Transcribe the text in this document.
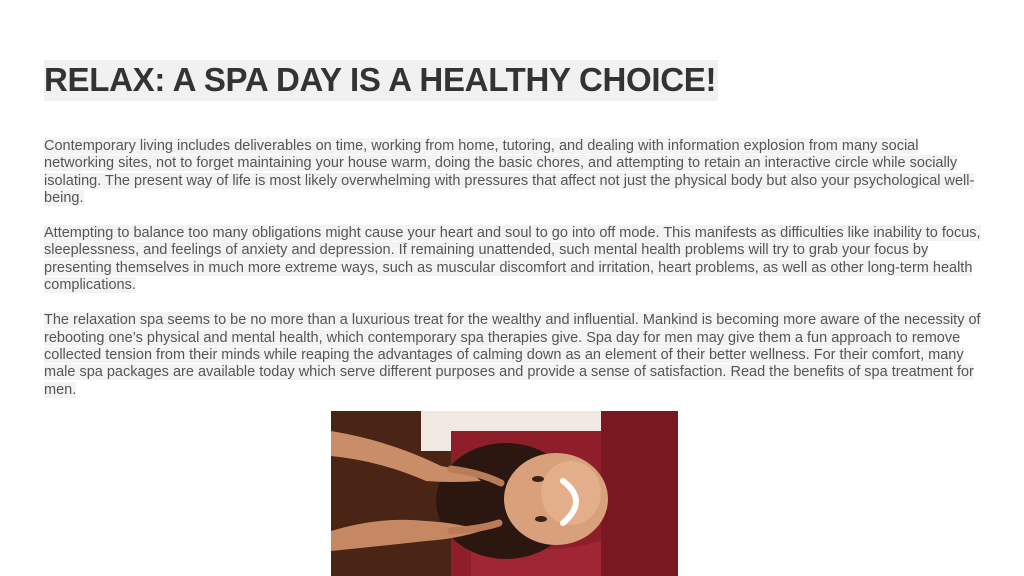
RELAX: A SPA DAY IS A HEALTHY CHOICE!

Contemporary living includes deliverables on time, working from home, tutoring, and dealing with information explosion from many social networking sites, not to forget maintaining your house warm, doing the basic chores, and attempting to retain an interactive circle while socially isolating. The present way of life is most likely overwhelming with pressures that affect not just the physical body but also your psychological well-being.

Attempting to balance too many obligations might cause your heart and soul to go into off mode. This manifests as difficulties like inability to focus, sleeplessness, and feelings of anxiety and depression. If remaining unattended, such mental health problems will try to grab your focus by presenting themselves in much more extreme ways, such as muscular discomfort and irritation, heart problems, as well as other long-term health complications.

The relaxation spa seems to be no more than a luxurious treat for the wealthy and influential. Mankind is becoming more aware of the necessity of rebooting one’s physical and mental health, which contemporary spa therapies give. Spa day for men may give them a fun approach to remove collected tension from their minds while reaping the advantages of calming down as an element of their better wellness. For their comfort, many male spa packages are available today which serve different purposes and provide a sense of satisfaction. Read the benefits of spa treatment for men.
